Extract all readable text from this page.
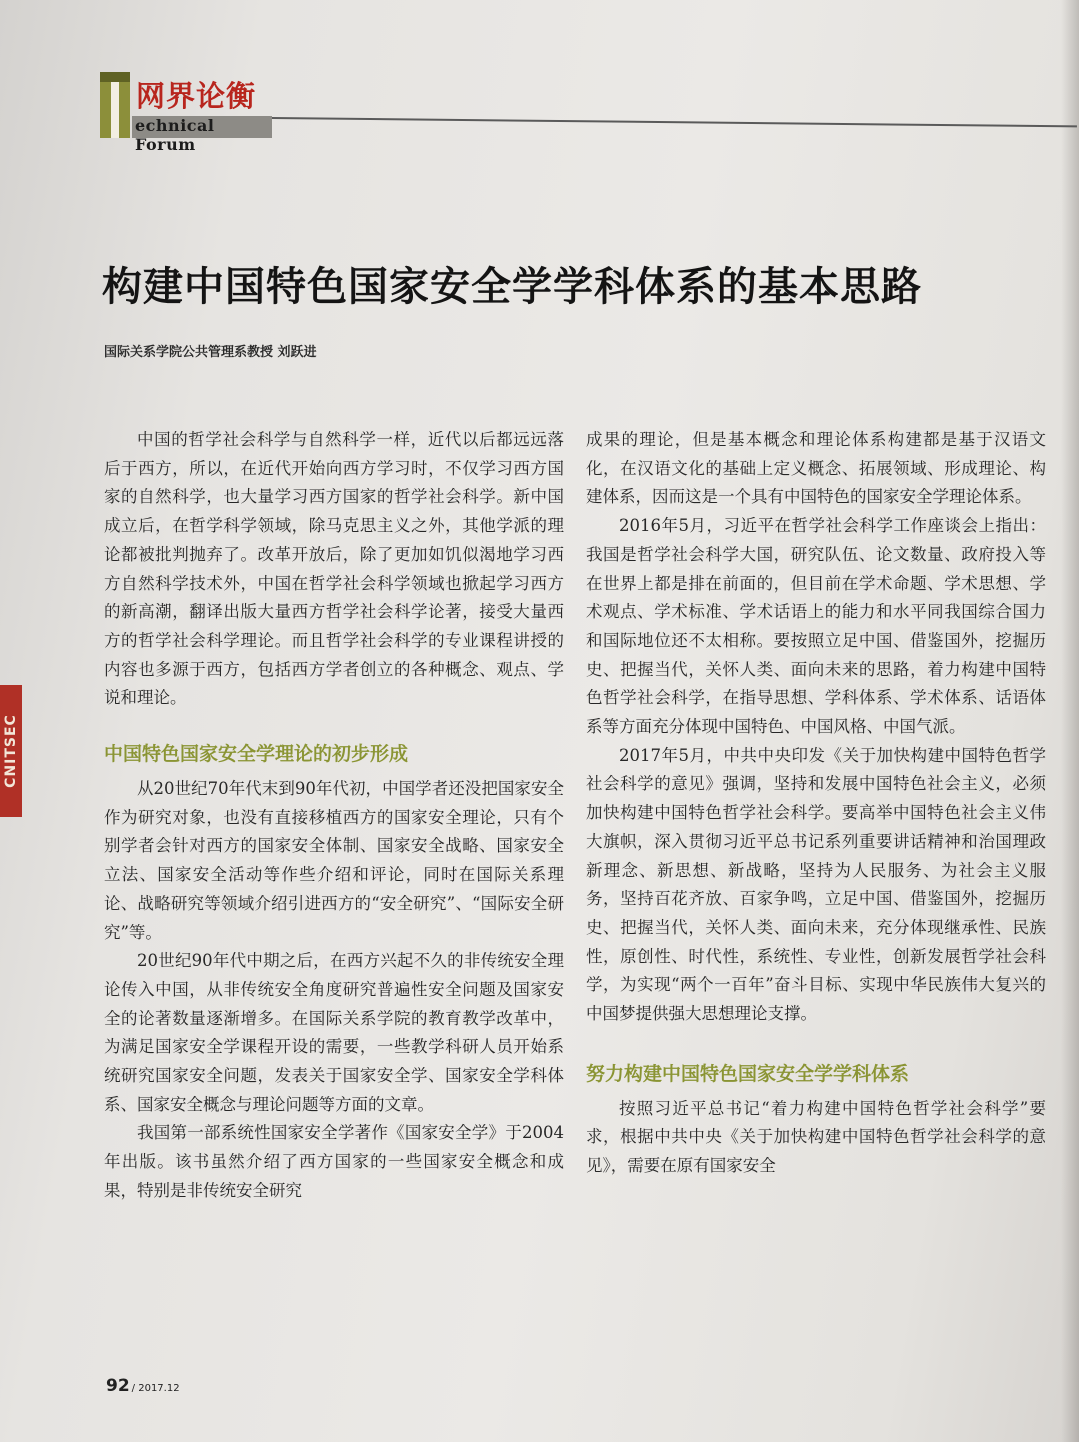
网界论衡
echnical Forum
构建中国特色国家安全学学科体系的基本思路
国际关系学院公共管理系教授 刘跃进
CNITSEC

中国的哲学社会科学与自然科学一样，近代以后都远远落后于西方，所以，在近代开始向西方学习时，不仅学习西方国家的自然科学，也大量学习西方国家的哲学社会科学。新中国成立后，在哲学科学领域，除马克思主义之外，其他学派的理论都被批判抛弃了。改革开放后，除了更加如饥似渴地学习西方自然科学技术外，中国在哲学社会科学领域也掀起学习西方的新高潮，翻译出版大量西方哲学社会科学论著，接受大量西方的哲学社会科学理论。而且哲学社会科学的专业课程讲授的内容也多源于西方，包括西方学者创立的各种概念、观点、学说和理论。

中国特色国家安全学理论的初步形成

从20世纪70年代末到90年代初，中国学者还没把国家安全作为研究对象，也没有直接移植西方的国家安全理论，只有个别学者会针对西方的国家安全体制、国家安全战略、国家安全立法、国家安全活动等作些介绍和评论，同时在国际关系理论、战略研究等领域介绍引进西方的“安全研究”、“国际安全研究”等。

20世纪90年代中期之后，在西方兴起不久的非传统安全理论传入中国，从非传统安全角度研究普遍性安全问题及国家安全的论著数量逐渐增多。在国际关系学院的教育教学改革中，为满足国家安全学课程开设的需要，一些教学科研人员开始系统研究国家安全问题，发表关于国家安全学、国家安全学科体系、国家安全概念与理论问题等方面的文章。

我国第一部系统性国家安全学著作《国家安全学》于2004年出版。该书虽然介绍了西方国家的一些国家安全概念和成果，特别是非传统安全研究

成果的理论，但是基本概念和理论体系构建都是基于汉语文化，在汉语文化的基础上定义概念、拓展领域、形成理论、构建体系，因而这是一个具有中国特色的国家安全学理论体系。

2016年5月，习近平在哲学社会科学工作座谈会上指出：我国是哲学社会科学大国，研究队伍、论文数量、政府投入等在世界上都是排在前面的，但目前在学术命题、学术思想、学术观点、学术标准、学术话语上的能力和水平同我国综合国力和国际地位还不太相称。要按照立足中国、借鉴国外，挖掘历史、把握当代，关怀人类、面向未来的思路，着力构建中国特色哲学社会科学，在指导思想、学科体系、学术体系、话语体系等方面充分体现中国特色、中国风格、中国气派。

2017年5月，中共中央印发《关于加快构建中国特色哲学社会科学的意见》强调，坚持和发展中国特色社会主义，必须加快构建中国特色哲学社会科学。要高举中国特色社会主义伟大旗帜，深入贯彻习近平总书记系列重要讲话精神和治国理政新理念、新思想、新战略，坚持为人民服务、为社会主义服务，坚持百花齐放、百家争鸣，立足中国、借鉴国外，挖掘历史、把握当代，关怀人类、面向未来，充分体现继承性、民族性，原创性、时代性，系统性、专业性，创新发展哲学社会科学，为实现“两个一百年”奋斗目标、实现中华民族伟大复兴的中国梦提供强大思想理论支撑。

努力构建中国特色国家安全学学科体系

按照习近平总书记“着力构建中国特色哲学社会科学”要求，根据中共中央《关于加快构建中国特色哲学社会科学的意见》，需要在原有国家安全

92 / 2017.12
